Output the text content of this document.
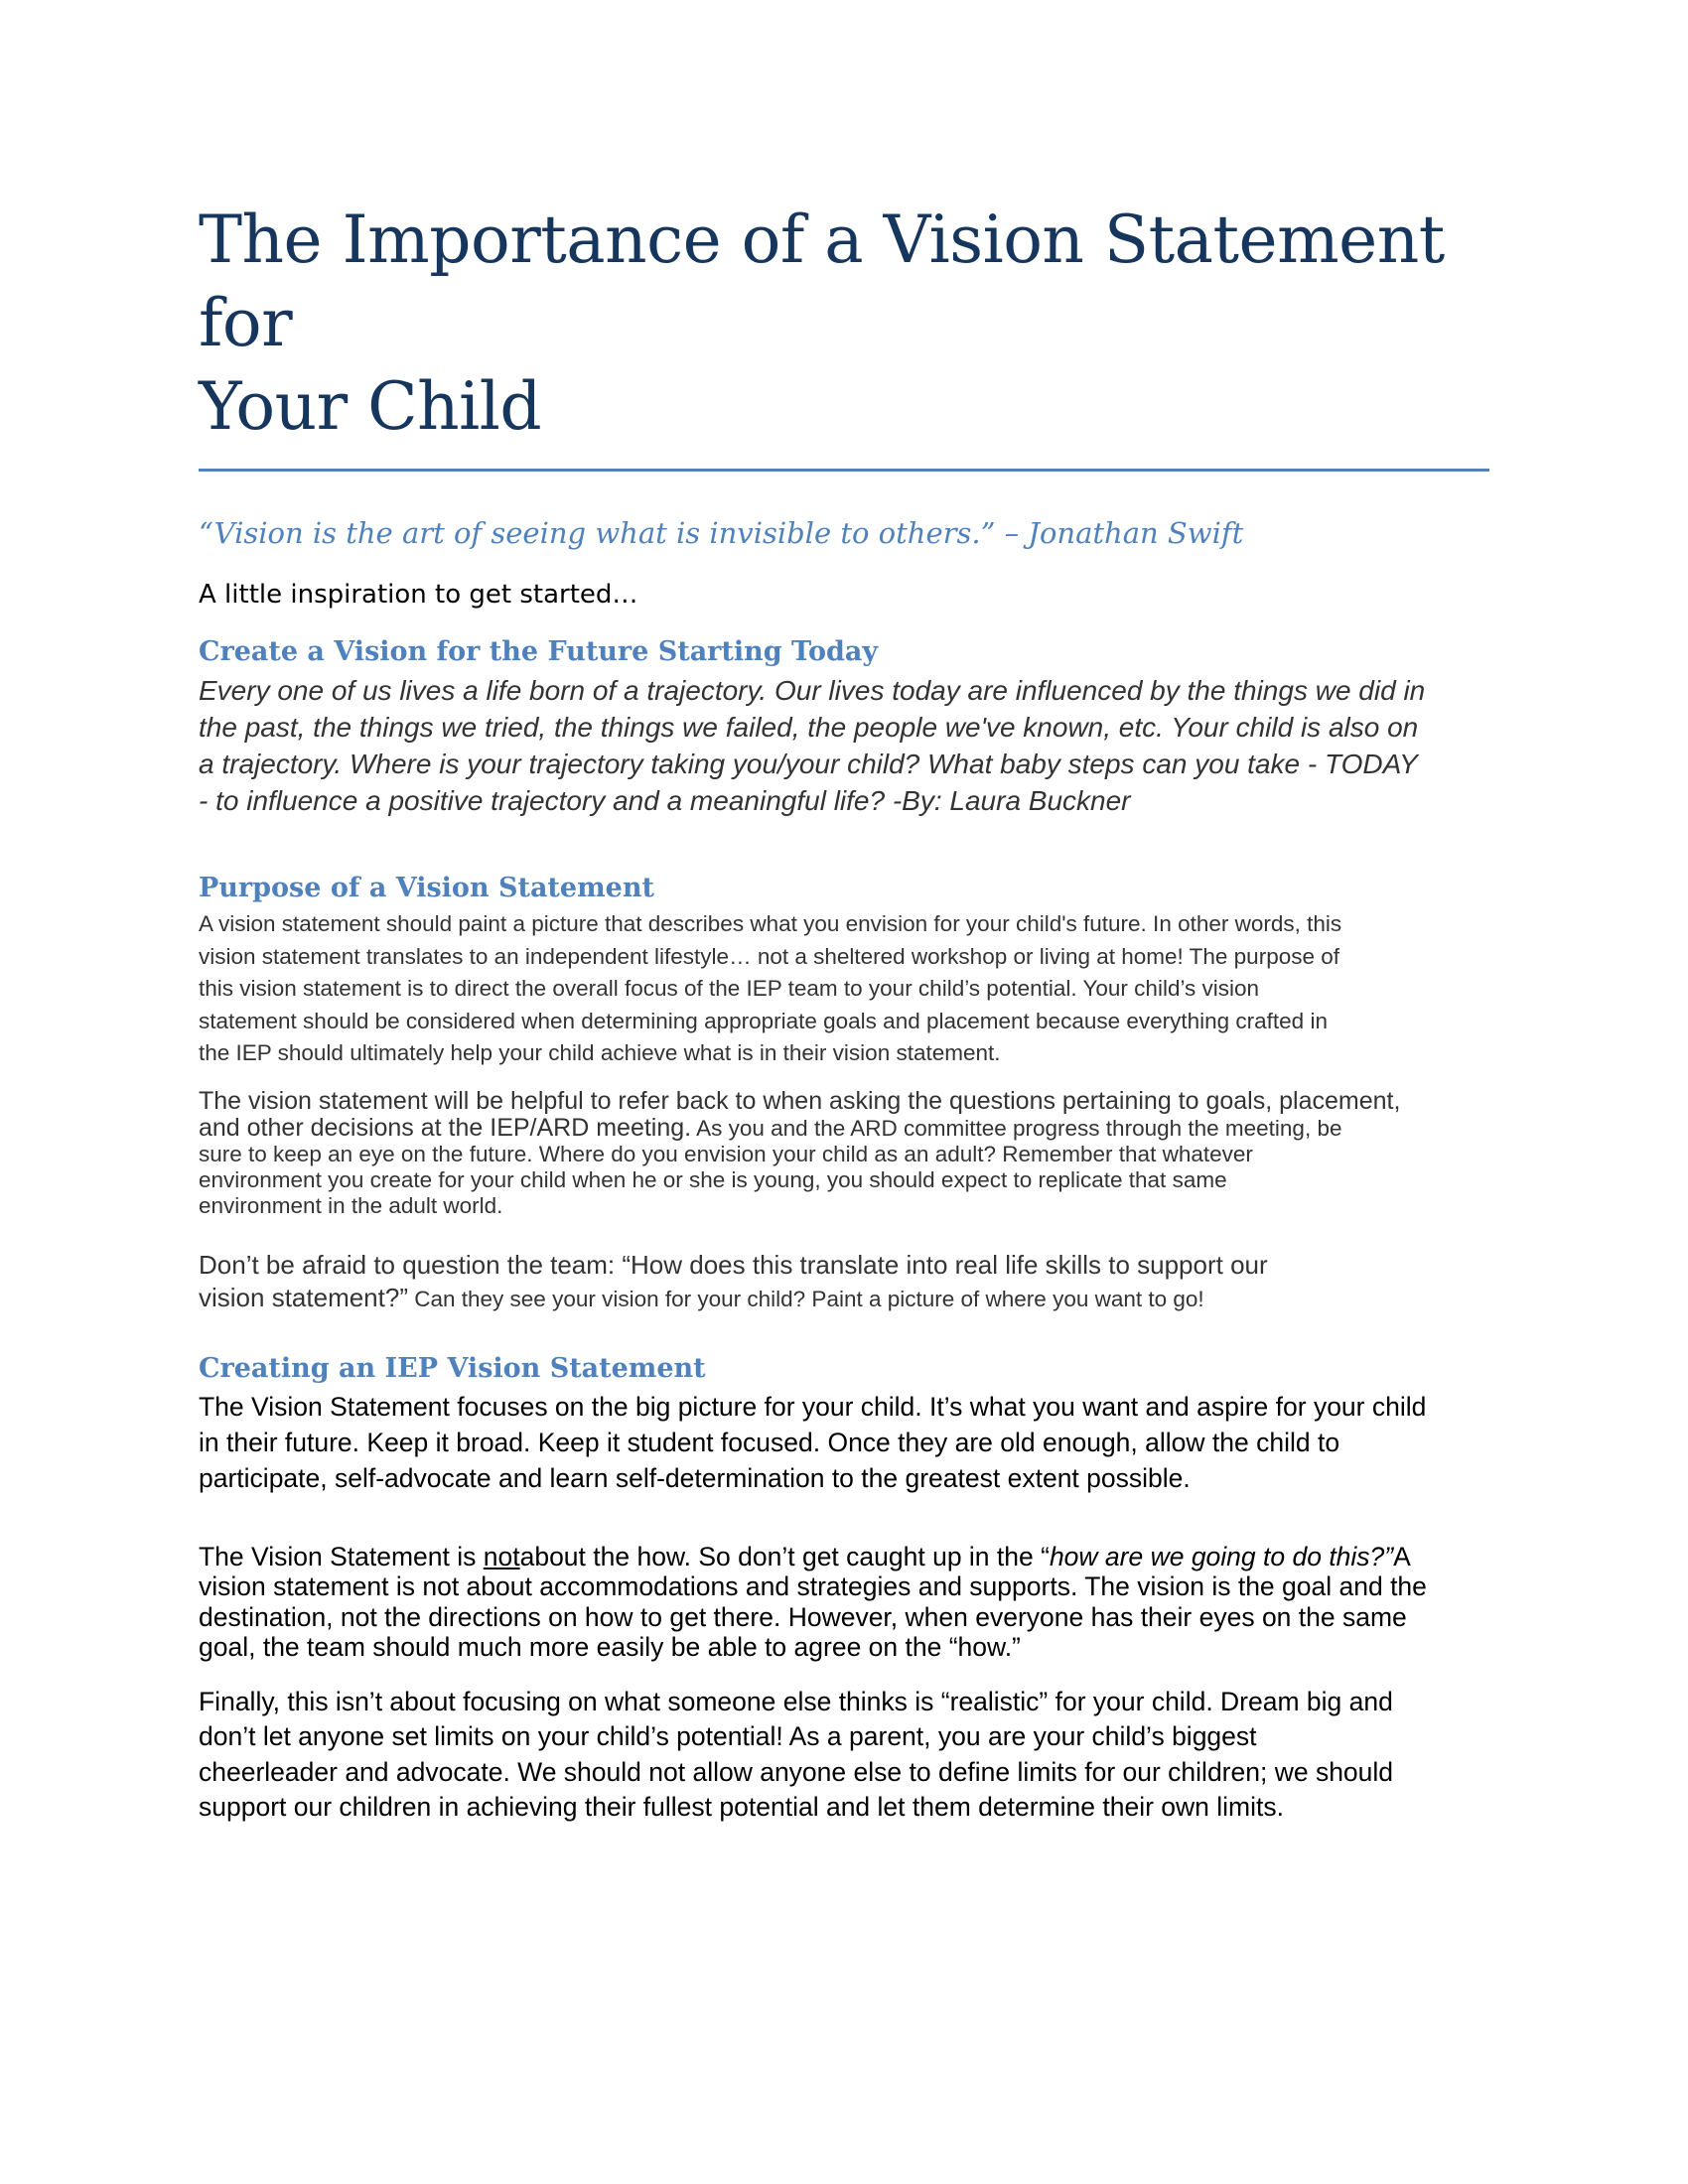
The Importance of a Vision Statement for
Your Child
“Vision is the art of seeing what is invisible to others.” – Jonathan Swift
A little inspiration to get started…
Create a Vision for the Future Starting Today

Every one of us lives a life born of a trajectory. Our lives today are influenced by the things we did in
the past, the things we tried, the things we failed, the people we've known, etc. Your child is also on
a trajectory. Where is your trajectory taking you/your child? What baby steps can you take - TODAY
- to influence a positive trajectory and a meaningful life? -By: Laura Buckner

Purpose of a Vision Statement

A vision statement should paint a picture that describes what you envision for your child's future. In other words, this
vision statement translates to an independent lifestyle… not a sheltered workshop or living at home! The purpose of
this vision statement is to direct the overall focus of the IEP team to your child’s potential. Your child’s vision
statement should be considered when determining appropriate goals and placement because everything crafted in
the IEP should ultimately help your child achieve what is in their vision statement.

The vision statement will be helpful to refer back to when asking the questions pertaining to goals, placement,
and other decisions at the IEP/ARD meeting. As you and the ARD committee progress through the meeting, be
sure to keep an eye on the future. Where do you envision your child as an adult? Remember that whatever
environment you create for your child when he or she is young, you should expect to replicate that same
environment in the adult world.

Don’t be afraid to question the team: “How does this translate into real life skills to support our
vision statement?” Can they see your vision for your child? Paint a picture of where you want to go!

Creating an IEP Vision Statement

The Vision Statement focuses on the big picture for your child. It’s what you want and aspire for your child
in their future. Keep it broad. Keep it student focused. Once they are old enough, allow the child to
participate, self-advocate and learn self-determination to the greatest extent possible.

The Vision Statement is notabout the how. So don’t get caught up in the “how are we going to do this?”A
vision statement is not about accommodations and strategies and supports. The vision is the goal and the
destination, not the directions on how to get there. However, when everyone has their eyes on the same
goal, the team should much more easily be able to agree on the “how.”

Finally, this isn’t about focusing on what someone else thinks is “realistic” for your child. Dream big and
don’t let anyone set limits on your child’s potential! As a parent, you are your child’s biggest
cheerleader and advocate. We should not allow anyone else to define limits for our children; we should
support our children in achieving their fullest potential and let them determine their own limits.
